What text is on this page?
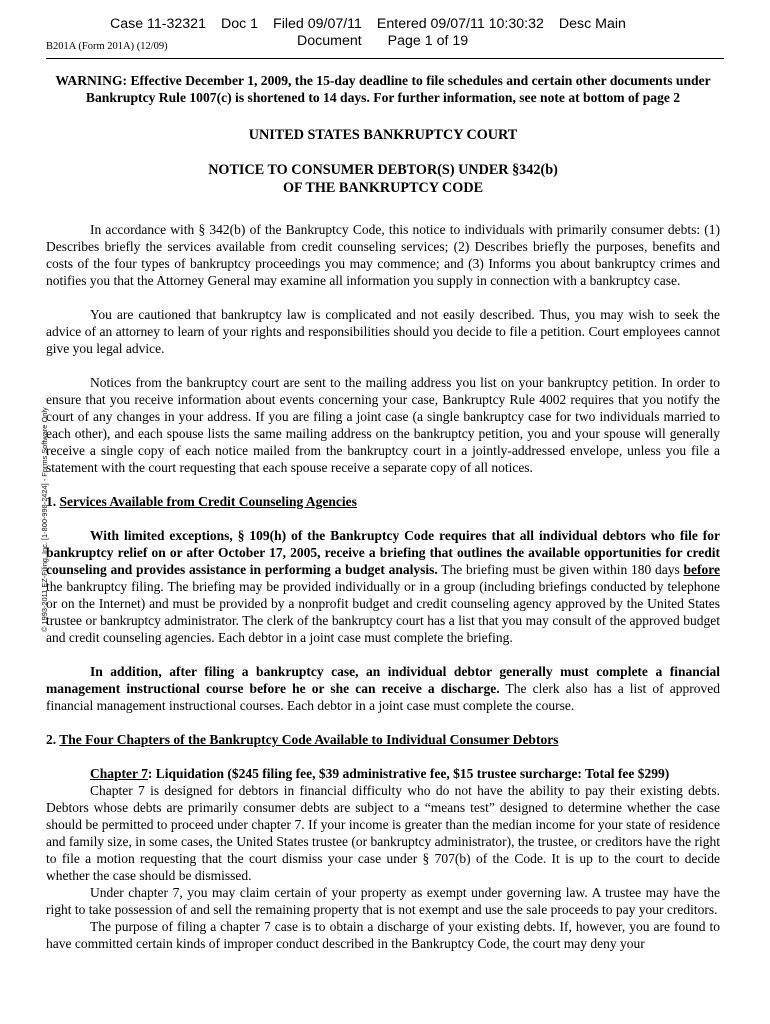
Case 11-32321 Doc 1 Filed 09/07/11 Entered 09/07/11 10:30:32 Desc Main
Document Page 1 of 19
B201A (Form 201A) (12/09)
© 1993-2011 EZ-Filing, Inc. [1-800-998-2424] - Forms Software Only

WARNING: Effective December 1, 2009, the 15-day deadline to file schedules and certain other documents under Bankruptcy Rule 1007(c) is shortened to 14 days. For further information, see note at bottom of page 2

UNITED STATES BANKRUPTCY COURT

NOTICE TO CONSUMER DEBTOR(S) UNDER §342(b)
OF THE BANKRUPTCY CODE

In accordance with § 342(b) of the Bankruptcy Code, this notice to individuals with primarily consumer debts: (1) Describes briefly the services available from credit counseling services; (2) Describes briefly the purposes, benefits and costs of the four types of bankruptcy proceedings you may commence; and (3) Informs you about bankruptcy crimes and notifies you that the Attorney General may examine all information you supply in connection with a bankruptcy case.

You are cautioned that bankruptcy law is complicated and not easily described. Thus, you may wish to seek the advice of an attorney to learn of your rights and responsibilities should you decide to file a petition. Court employees cannot give you legal advice.

Notices from the bankruptcy court are sent to the mailing address you list on your bankruptcy petition. In order to ensure that you receive information about events concerning your case, Bankruptcy Rule 4002 requires that you notify the court of any changes in your address. If you are filing a joint case (a single bankruptcy case for two individuals married to each other), and each spouse lists the same mailing address on the bankruptcy petition, you and your spouse will generally receive a single copy of each notice mailed from the bankruptcy court in a jointly-addressed envelope, unless you file a statement with the court requesting that each spouse receive a separate copy of all notices.

1. Services Available from Credit Counseling Agencies

With limited exceptions, § 109(h) of the Bankruptcy Code requires that all individual debtors who file for bankruptcy relief on or after October 17, 2005, receive a briefing that outlines the available opportunities for credit counseling and provides assistance in performing a budget analysis. The briefing must be given within 180 days before the bankruptcy filing. The briefing may be provided individually or in a group (including briefings conducted by telephone or on the Internet) and must be provided by a nonprofit budget and credit counseling agency approved by the United States trustee or bankruptcy administrator. The clerk of the bankruptcy court has a list that you may consult of the approved budget and credit counseling agencies. Each debtor in a joint case must complete the briefing.

In addition, after filing a bankruptcy case, an individual debtor generally must complete a financial management instructional course before he or she can receive a discharge. The clerk also has a list of approved financial management instructional courses. Each debtor in a joint case must complete the course.

2. The Four Chapters of the Bankruptcy Code Available to Individual Consumer Debtors

Chapter 7: Liquidation ($245 filing fee, $39 administrative fee, $15 trustee surcharge: Total fee $299)

Chapter 7 is designed for debtors in financial difficulty who do not have the ability to pay their existing debts. Debtors whose debts are primarily consumer debts are subject to a “means test” designed to determine whether the case should be permitted to proceed under chapter 7. If your income is greater than the median income for your state of residence and family size, in some cases, the United States trustee (or bankruptcy administrator), the trustee, or creditors have the right to file a motion requesting that the court dismiss your case under § 707(b) of the Code. It is up to the court to decide whether the case should be dismissed.

Under chapter 7, you may claim certain of your property as exempt under governing law. A trustee may have the right to take possession of and sell the remaining property that is not exempt and use the sale proceeds to pay your creditors.

The purpose of filing a chapter 7 case is to obtain a discharge of your existing debts. If, however, you are found to have committed certain kinds of improper conduct described in the Bankruptcy Code, the court may deny your
